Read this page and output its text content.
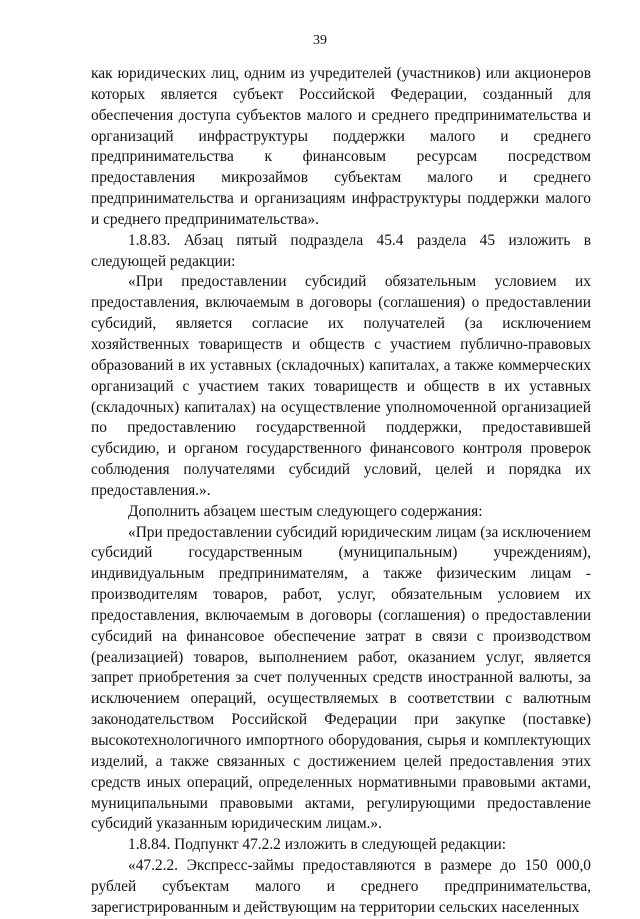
39

как юридических лиц, одним из учредителей (участников) или акционеров которых является субъект Российской Федерации, созданный для обеспечения доступа субъектов малого и среднего предпринимательства и организаций инфраструктуры поддержки малого и среднего предпринимательства к финансовым ресурсам посредством предоставления микрозаймов субъектам малого и среднего предпринимательства и организациям инфраструктуры поддержки малого и среднего предпринимательства».

1.8.83. Абзац пятый подраздела 45.4 раздела 45 изложить в следующей редакции:

«При предоставлении субсидий обязательным условием их предоставления, включаемым в договоры (соглашения) о предоставлении субсидий, является согласие их получателей (за исключением хозяйственных товариществ и обществ с участием публично-правовых образований в их уставных (складочных) капиталах, а также коммерческих организаций с участием таких товариществ и обществ в их уставных (складочных) капиталах) на осуществление уполномоченной организацией по предоставлению государственной поддержки, предоставившей субсидию, и органом государственного финансового контроля проверок соблюдения получателями субсидий условий, целей и порядка их предоставления.».

Дополнить абзацем шестым следующего содержания:

«При предоставлении субсидий юридическим лицам (за исключением субсидий государственным (муниципальным) учреждениям), индивидуальным предпринимателям, а также физическим лицам - производителям товаров, работ, услуг, обязательным условием их предоставления, включаемым в договоры (соглашения) о предоставлении субсидий на финансовое обеспечение затрат в связи с производством (реализацией) товаров, выполнением работ, оказанием услуг, является запрет приобретения за счет полученных средств иностранной валюты, за исключением операций, осуществляемых в соответствии с валютным законодательством Российской Федерации при закупке (поставке) высокотехнологичного импортного оборудования, сырья и комплектующих изделий, а также связанных с достижением целей предоставления этих средств иных операций, определенных нормативными правовыми актами, муниципальными правовыми актами, регулирующими предоставление субсидий указанным юридическим лицам.».

1.8.84. Подпункт 47.2.2 изложить в следующей редакции:

«47.2.2. Экспресс-займы предоставляются в размере до 150 000,0 рублей субъектам малого и среднего предпринимательства, зарегистрированным и действующим на территории сельских населенных
